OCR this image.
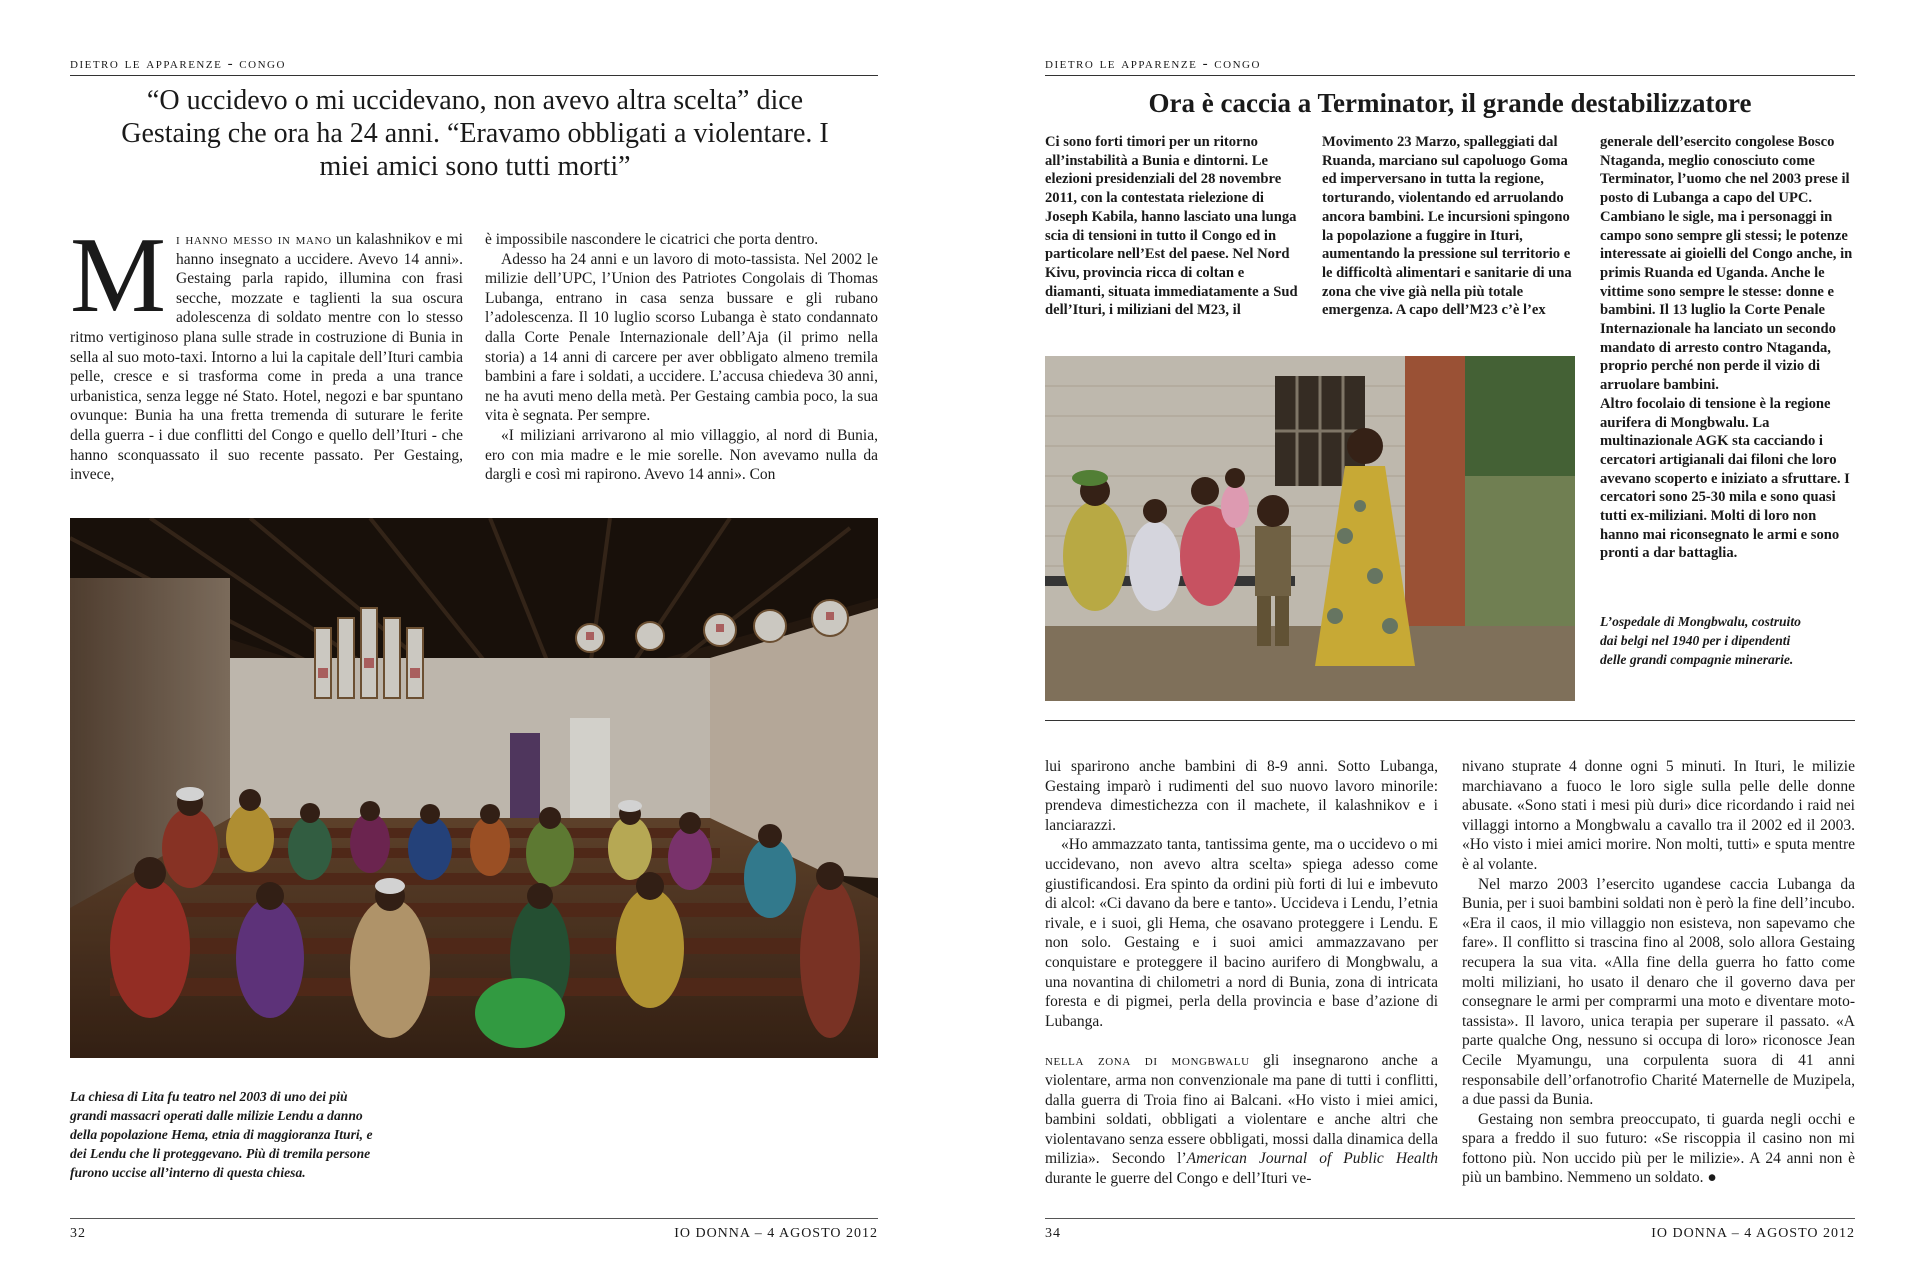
dietro le apparenze - congo
“O uccidevo o mi uccidevano, non avevo altra scelta” dice Gestaing che ora ha 24 anni. “Eravamo obbligati a violentare. I miei amici sono tutti morti”

Mi hanno messo in mano un kalashnikov e mi hanno insegnato a uccidere. Avevo 14 anni». Gestaing parla rapido, illumina con frasi secche, mozzate e taglienti la sua oscura adolescenza di soldato mentre con lo stesso ritmo vertiginoso plana sulle strade in costruzione di Bunia in sella al suo moto-taxi. Intorno a lui la capitale dell’Ituri cambia pelle, cresce e si trasforma come in preda a una trance urbanistica, senza legge né Stato. Hotel, negozi e bar spuntano ovunque: Bunia ha una fretta tremenda di suturare le ferite della guerra - i due conflitti del Congo e quello dell’Ituri - che hanno sconquassato il suo recente passato. Per Gestaing, invece,

è impossibile nascondere le cicatrici che porta dentro.

Adesso ha 24 anni e un lavoro di moto-tassista. Nel 2002 le milizie dell’UPC, l’Union des Patriotes Congolais di Thomas Lubanga, entrano in casa senza bussare e gli rubano l’adolescenza. Il 10 luglio scorso Lubanga è stato condannato dalla Corte Penale Internazionale dell’Aja (il primo nella storia) a 14 anni di carcere per aver obbligato almeno tremila bambini a fare i soldati, a uccidere. L’accusa chiedeva 30 anni, ne ha avuti meno della metà. Per Gestaing cambia poco, la sua vita è segnata. Per sempre.

«I miliziani arrivarono al mio villaggio, al nord di Bunia, ero con mia madre e le mie sorelle. Non avevamo nulla da dargli e così mi rapirono. Avevo 14 anni». Con

La chiesa di Lita fu teatro nel 2003 di uno dei più grandi massacri operati dalle milizie Lendu a danno della popolazione Hema, etnia di maggioranza Ituri, e dei Lendu che li proteggevano. Più di tremila persone furono uccise all’interno di questa chiesa.
32	IO DONNA – 4 AGOSTO 2012
dietro le apparenze - congo
Ora è caccia a Terminator, il grande destabilizzatore

Ci sono forti timori per un ritorno all’instabilità a Bunia e dintorni. Le elezioni presidenziali del 28 novembre 2011, con la contestata rielezione di Joseph Kabila, hanno lasciato una lunga scia di tensioni in tutto il Congo ed in particolare nell’Est del paese. Nel Nord Kivu, provincia ricca di coltan e diamanti, situata immediatamente a Sud dell’Ituri, i miliziani del M23, il

Movimento 23 Marzo, spalleggiati dal Ruanda, marciano sul capoluogo Goma ed imperversano in tutta la regione, torturando, violentando ed arruolando ancora bambini. Le incursioni spingono la popolazione a fuggire in Ituri, aumentando la pressione sul territorio e le difficoltà alimentari e sanitarie di una zona che vive già nella più totale emergenza. A capo dell’M23 c’è l’ex

generale dell’esercito congolese Bosco Ntaganda, meglio conosciuto come Terminator, l’uomo che nel 2003 prese il posto di Lubanga a capo del UPC. Cambiano le sigle, ma i personaggi in campo sono sempre gli stessi; le potenze interessate ai gioielli del Congo anche, in primis Ruanda ed Uganda. Anche le vittime sono sempre le stesse: donne e bambini. Il 13 luglio la Corte Penale Internazionale ha lanciato un secondo mandato di arresto contro Ntaganda, proprio perché non perde il vizio di arruolare bambini.

Altro focolaio di tensione è la regione aurifera di Mongbwalu. La multinazionale AGK sta cacciando i cercatori artigianali dai filoni che loro avevano scoperto e iniziato a sfruttare. I cercatori sono 25-30 mila e sono quasi tutti ex-miliziani. Molti di loro non hanno mai riconsegnato le armi e sono pronti a dar battaglia.

L’ospedale di Mongbwalu, costruito dai belgi nel 1940 per i dipendenti delle grandi compagnie minerarie.

lui sparirono anche bambini di 8-9 anni. Sotto Lubanga, Gestaing imparò i rudimenti del suo nuovo lavoro minorile: prendeva dimestichezza con il machete, il kalashnikov e i lanciarazzi.

«Ho ammazzato tanta, tantissima gente, ma o uccidevo o mi uccidevano, non avevo altra scelta» spiega adesso come giustificandosi. Era spinto da ordini più forti di lui e imbevuto di alcol: «Ci davano da bere e tanto». Uccideva i Lendu, l’etnia rivale, e i suoi, gli Hema, che osavano proteggere i Lendu. E non solo. Gestaing e i suoi amici ammazzavano per conquistare e proteggere il bacino aurifero di Mongbwalu, a una novantina di chilometri a nord di Bunia, zona di intricata foresta e di pigmei, perla della provincia e base d’azione di Lubanga.

nella zona di mongbwalu gli insegnarono anche a violentare, arma non convenzionale ma pane di tutti i conflitti, dalla guerra di Troia fino ai Balcani. «Ho visto i miei amici, bambini soldati, obbligati a violentare e anche altri che violentavano senza essere obbligati, mossi dalla dinamica della milizia». Secondo l’American Journal of Public Health durante le guerre del Congo e dell’Ituri ve-

nivano stuprate 4 donne ogni 5 minuti. In Ituri, le milizie marchiavano a fuoco le loro sigle sulla pelle delle donne abusate. «Sono stati i mesi più duri» dice ricordando i raid nei villaggi intorno a Mongbwalu a cavallo tra il 2002 ed il 2003. «Ho visto i miei amici morire. Non molti, tutti» e sputa mentre è al volante.

Nel marzo 2003 l’esercito ugandese caccia Lubanga da Bunia, per i suoi bambini soldati non è però la fine dell’incubo. «Era il caos, il mio villaggio non esisteva, non sapevamo che fare». Il conflitto si trascina fino al 2008, solo allora Gestaing recupera la sua vita. «Alla fine della guerra ho fatto come molti miliziani, ho usato il denaro che il governo dava per consegnare le armi per comprarmi una moto e diventare moto-tassista». Il lavoro, unica terapia per superare il passato. «A parte qualche Ong, nessuno si occupa di loro» riconosce Jean Cecile Myamungu, una corpulenta suora di 41 anni responsabile dell’orfanotrofio Charité Maternelle de Muzipela, a due passi da Bunia.

Gestaing non sembra preoccupato, ti guarda negli occhi e spara a freddo il suo futuro: «Se riscoppia il casino non mi fottono più. Non uccido più per le milizie». A 24 anni non è più un bambino. Nemmeno un soldato. ●

34	IO DONNA – 4 AGOSTO 2012
